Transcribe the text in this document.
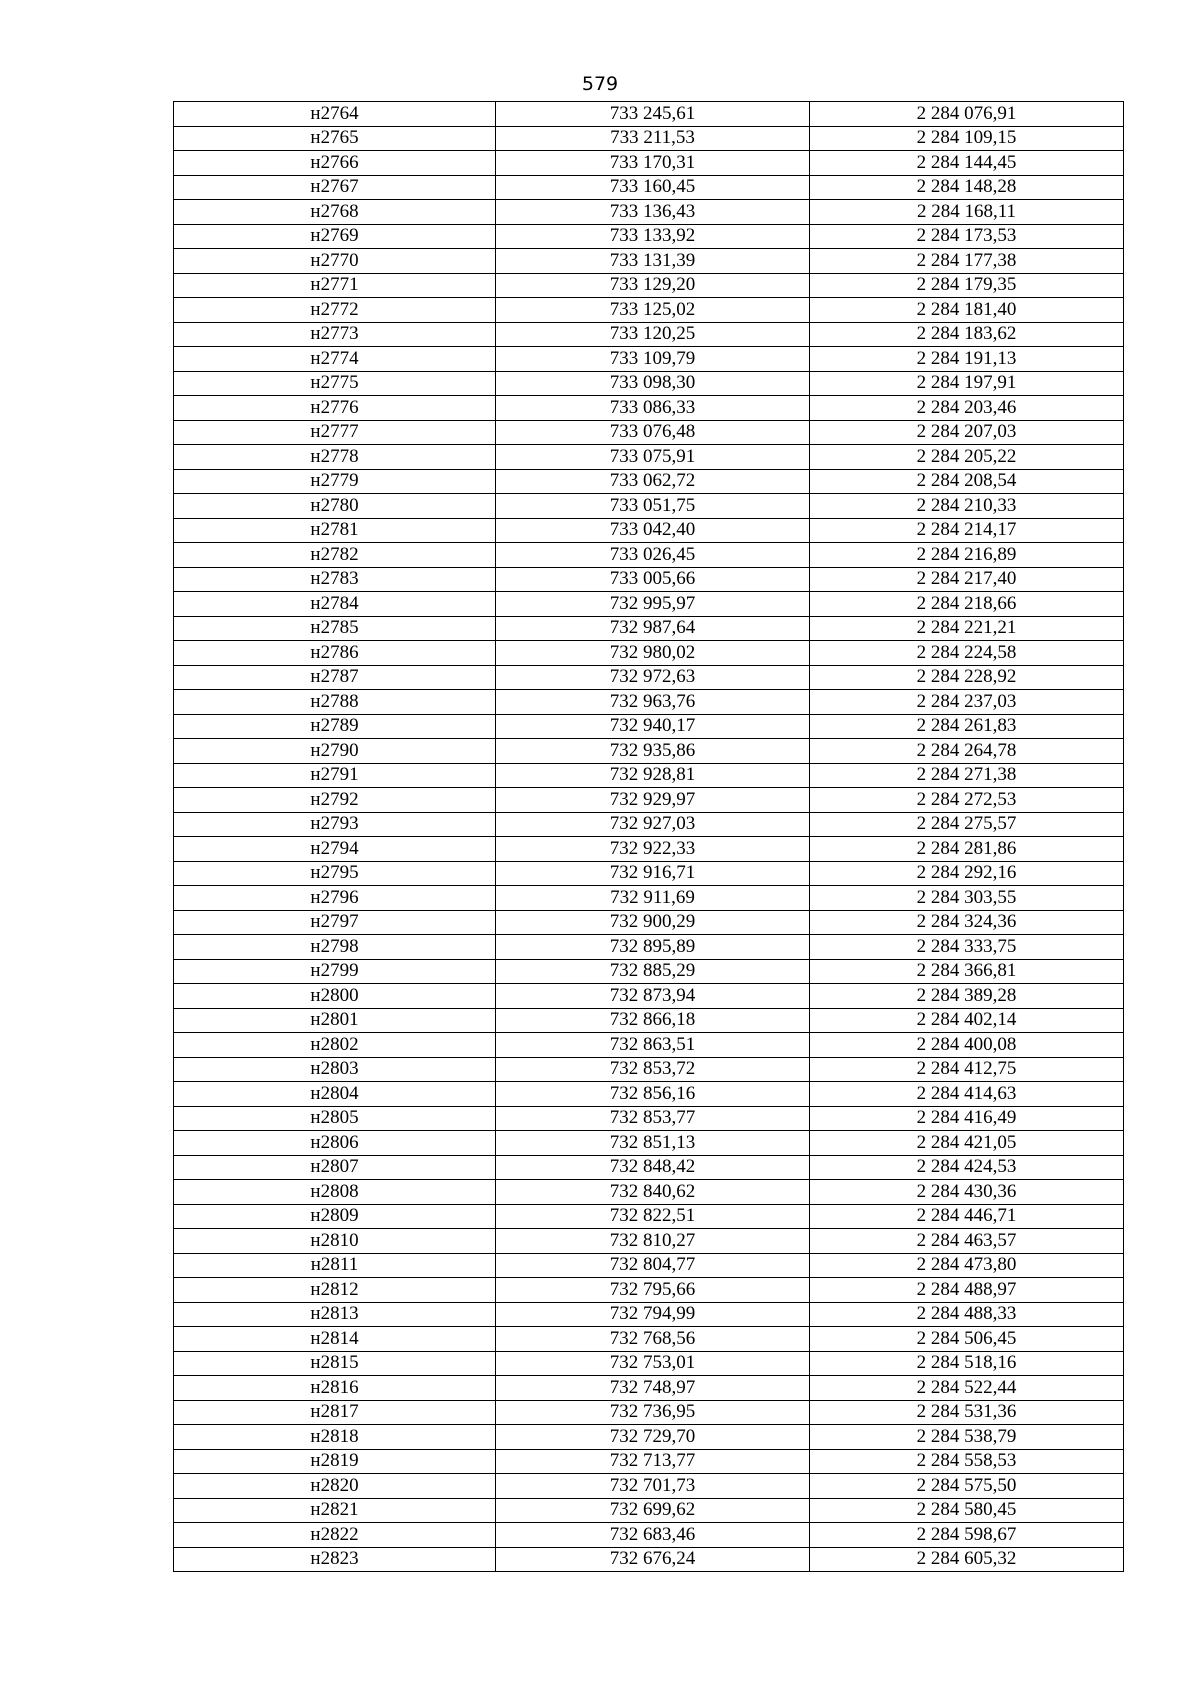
579
н2764	733 245,61	2 284 076,91
н2765	733 211,53	2 284 109,15
н2766	733 170,31	2 284 144,45
н2767	733 160,45	2 284 148,28
н2768	733 136,43	2 284 168,11
н2769	733 133,92	2 284 173,53
н2770	733 131,39	2 284 177,38
н2771	733 129,20	2 284 179,35
н2772	733 125,02	2 284 181,40
н2773	733 120,25	2 284 183,62
н2774	733 109,79	2 284 191,13
н2775	733 098,30	2 284 197,91
н2776	733 086,33	2 284 203,46
н2777	733 076,48	2 284 207,03
н2778	733 075,91	2 284 205,22
н2779	733 062,72	2 284 208,54
н2780	733 051,75	2 284 210,33
н2781	733 042,40	2 284 214,17
н2782	733 026,45	2 284 216,89
н2783	733 005,66	2 284 217,40
н2784	732 995,97	2 284 218,66
н2785	732 987,64	2 284 221,21
н2786	732 980,02	2 284 224,58
н2787	732 972,63	2 284 228,92
н2788	732 963,76	2 284 237,03
н2789	732 940,17	2 284 261,83
н2790	732 935,86	2 284 264,78
н2791	732 928,81	2 284 271,38
н2792	732 929,97	2 284 272,53
н2793	732 927,03	2 284 275,57
н2794	732 922,33	2 284 281,86
н2795	732 916,71	2 284 292,16
н2796	732 911,69	2 284 303,55
н2797	732 900,29	2 284 324,36
н2798	732 895,89	2 284 333,75
н2799	732 885,29	2 284 366,81
н2800	732 873,94	2 284 389,28
н2801	732 866,18	2 284 402,14
н2802	732 863,51	2 284 400,08
н2803	732 853,72	2 284 412,75
н2804	732 856,16	2 284 414,63
н2805	732 853,77	2 284 416,49
н2806	732 851,13	2 284 421,05
н2807	732 848,42	2 284 424,53
н2808	732 840,62	2 284 430,36
н2809	732 822,51	2 284 446,71
н2810	732 810,27	2 284 463,57
н2811	732 804,77	2 284 473,80
н2812	732 795,66	2 284 488,97
н2813	732 794,99	2 284 488,33
н2814	732 768,56	2 284 506,45
н2815	732 753,01	2 284 518,16
н2816	732 748,97	2 284 522,44
н2817	732 736,95	2 284 531,36
н2818	732 729,70	2 284 538,79
н2819	732 713,77	2 284 558,53
н2820	732 701,73	2 284 575,50
н2821	732 699,62	2 284 580,45
н2822	732 683,46	2 284 598,67
н2823	732 676,24	2 284 605,32
